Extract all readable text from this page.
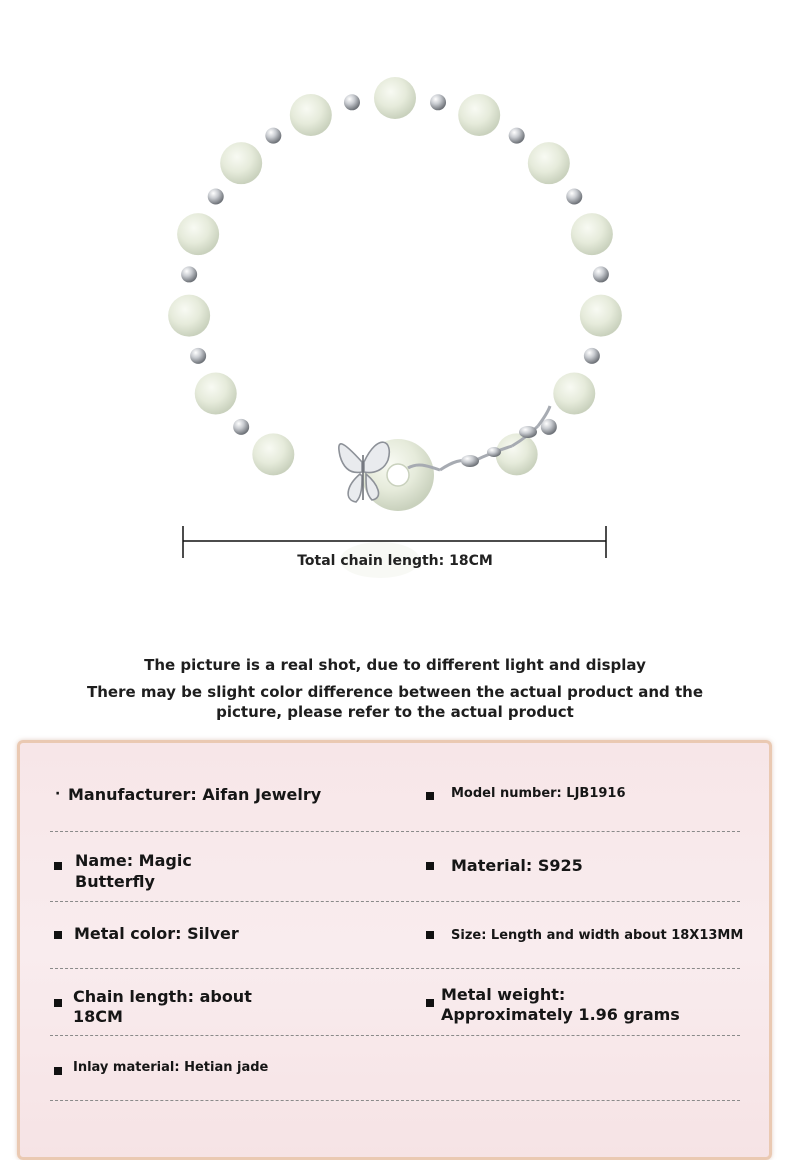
Total chain length: 18CM
The picture is a real shot, due to different light and display
There may be slight color difference between the actual product and the
picture, please refer to the actual product
· Manufacturer: Aifan Jewelry	Model number: LJB1916
Name: Magic
Butterfly
Material: S925
Metal color: Silver	Size: Length and width about 18X13MM
Chain length: about
18CM
Metal weight:
Approximately 1.96 grams
Inlay material: Hetian jade
